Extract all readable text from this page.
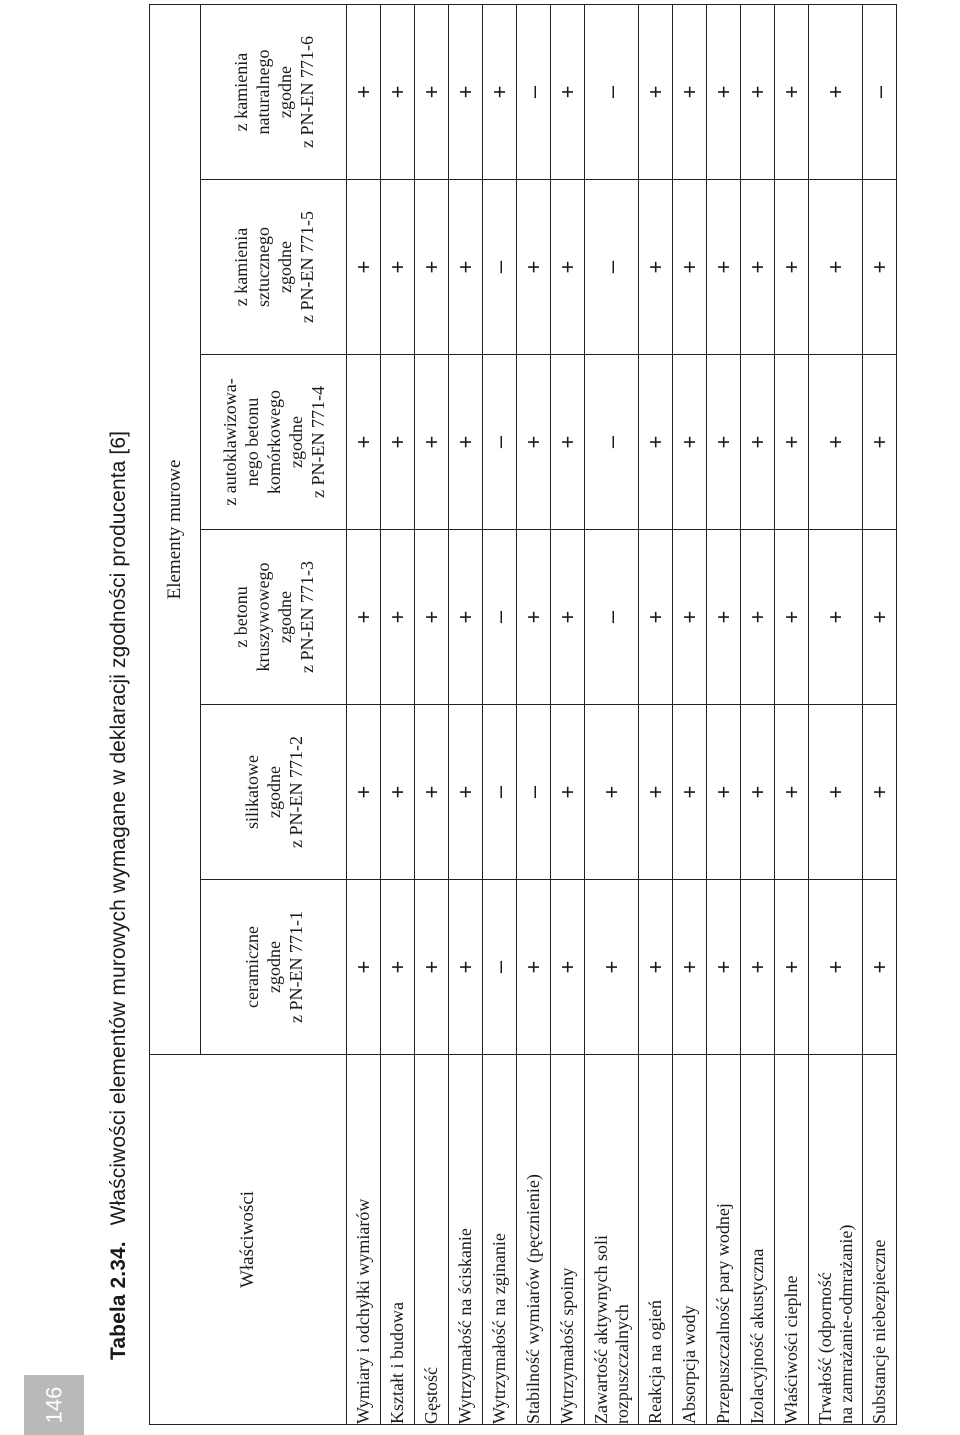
146
Tabela 2.34. Właściwości elementów murowych wymagane w deklaracji zgodności producenta [6]
Właściwości	Elementy murowe					

	ceramiczne zgodne z PN-EN 771-1	silikatowe zgodne z PN-EN 771-2	z betonu kruszywowego zgodne z PN-EN 771-3	z autoklawizowa- nego betonu komórkowego zgodne z PN-EN 771-4	z kamienia sztucznego zgodne z PN-EN 771-5	z kamienia naturalnego zgodne z PN-EN 771-6

Wymiary i odchyłki wymiarów	+	+	+	+	+	+

Kształt i budowa	+	+	+	+	+	+

Gęstość	+	+	+	+	+	+

Wytrzymałość na ściskanie	+	+	+	+	+	+

Wytrzymałość na zginanie	–	–	–	–	–	+

Stabilność wymiarów (pęcznienie)	+	–	+	+	+	–

Wytrzymałość spoiny	+	+	+	+	+	+

Zawartość aktywnych soli rozpuszczalnych	+	+	–	–	–	–

Reakcja na ogień	+	+	+	+	+	+

Absorpcja wody	+	+	+	+	+	+

Przepuszczalność pary wodnej	+	+	+	+	+	+

Izolacyjność akustyczna	+	+	+	+	+	+

Właściwości cieplne	+	+	+	+	+	+

Trwałość (odporność na zamrażanie-odmrażanie)	+	+	+	+	+	+

Substancje niebezpieczne	+	+	+	+	+	–
